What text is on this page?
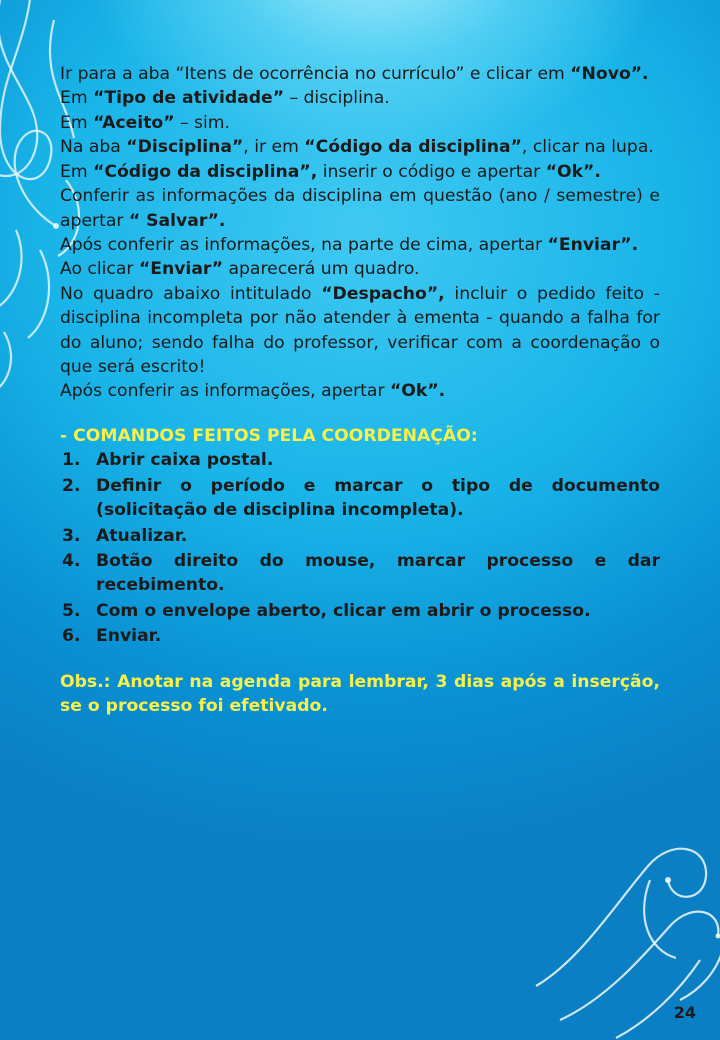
Ir para a aba “Itens de ocorrência no currículo” e clicar em “Novo”.

Em “Tipo de atividade” – disciplina.

Em “Aceito” – sim.

Na aba “Disciplina”, ir em “Código da disciplina”, clicar na lupa.

Em “Código da disciplina”, inserir o código e apertar “Ok”.

Conferir as informações da disciplina em questão (ano / semestre) e apertar “ Salvar”.

Após conferir as informações, na parte de cima, apertar “Enviar”.

Ao clicar “Enviar” aparecerá um quadro.

No quadro abaixo intitulado “Despacho”, incluir o pedido feito - disciplina incompleta por não atender à ementa - quando a falha for do aluno; sendo falha do professor, verificar com a coordenação o que será escrito!

Após conferir as informações, apertar “Ok”.

- COMANDOS FEITOS PELA COORDENAÇÃO:

1. Abrir caixa postal.
2. Definir o período e marcar o tipo de documento (solicitação de disciplina incompleta).
3. Atualizar.
4. Botão direito do mouse, marcar processo e dar recebimento.
5. Com o envelope aberto, clicar em abrir o processo.
6. Enviar.

Obs.: Anotar na agenda para lembrar, 3 dias após a inserção, se o processo foi efetivado.

24
